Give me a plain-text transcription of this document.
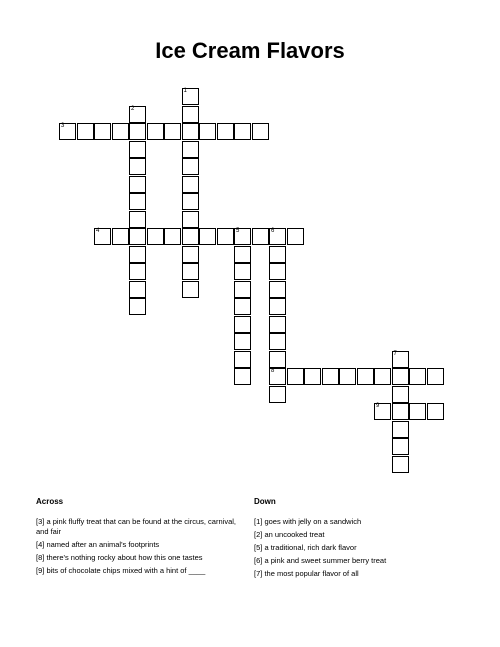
Ice Cream Flavors
1
2
3
4	5	6
8
7
9
Across
[3] a pink fluffy treat that can be found at the circus, carnival, and fair
[4] named after an animal's footprints
[8] there's nothing rocky about how this one tastes
[9] bits of chocolate chips mixed with a hint of ____
Down
[1] goes with jelly on a sandwich
[2] an uncooked treat
[5] a traditional, rich dark flavor
[6] a pink and sweet summer berry treat
[7] the most popular flavor of all
